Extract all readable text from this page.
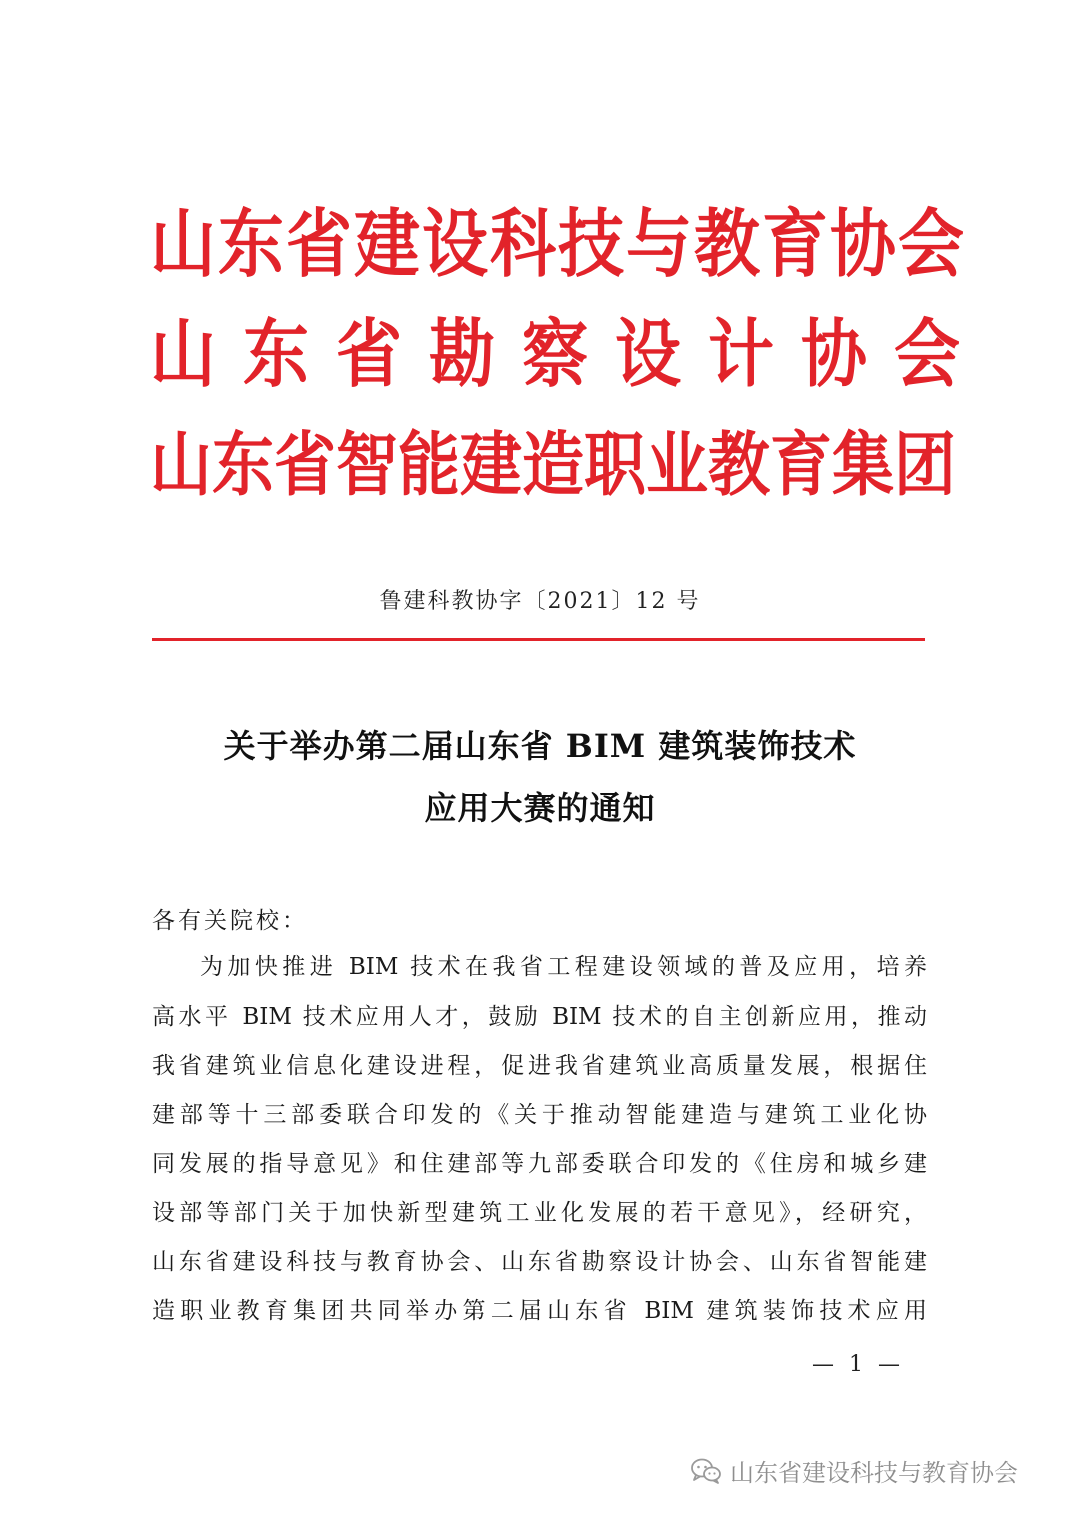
山东省建设科技与教育协会
山东省勘察设计协会
山东省智能建造职业教育集团
鲁建科教协字〔2021〕12 号
关于举办第二届山东省 BIM 建筑装饰技术
应用大赛的通知
各有关院校：
为加快推进 BIM 技术在我省工程建设领域的普及应用，培养
高水平 BIM 技术应用人才，鼓励 BIM 技术的自主创新应用，推动
我省建筑业信息化建设进程，促进我省建筑业高质量发展，根据住
建部等十三部委联合印发的《关于推动智能建造与建筑工业化协
同发展的指导意见》和住建部等九部委联合印发的《住房和城乡建
设部等部门关于加快新型建筑工业化发展的若干意见》，经研究，
山东省建设科技与教育协会、山东省勘察设计协会、山东省智能建
造职业教育集团共同举办第二届山东省 BIM 建筑装饰技术应用
— 1 —
山东省建设科技与教育协会
